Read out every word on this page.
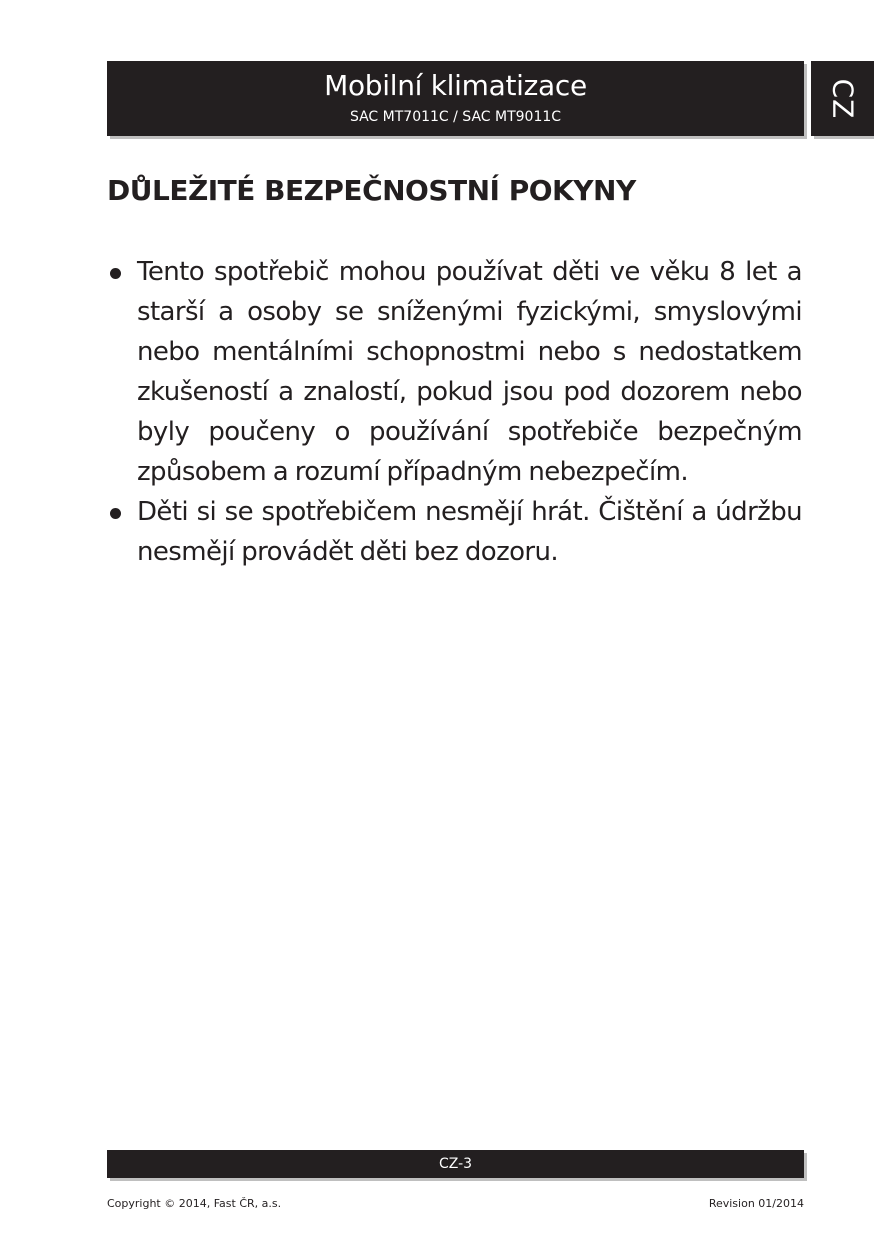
Mobilní klimatizace
SAC MT7011C / SAC MT9011C	CZ
DŮLEŽITÉ BEZPEČNOSTNÍ POKYNY
Tento spotřebič mohou používat děti ve věku 8 let a starší a osoby se sníženými fyzickými, smyslovými nebo mentálními schopnostmi nebo s nedostatkem zkušeností a znalostí, pokud jsou pod dozorem nebo byly poučeny o používání spotřebiče bezpečným způsobem a rozumí případným nebezpečím.
Děti si se spotřebičem nesmějí hrát. Čištění a údržbu nesmějí provádět děti bez dozoru.
CZ-3
Copyright © 2014, Fast ČR, a.s.	Revision 01/2014
